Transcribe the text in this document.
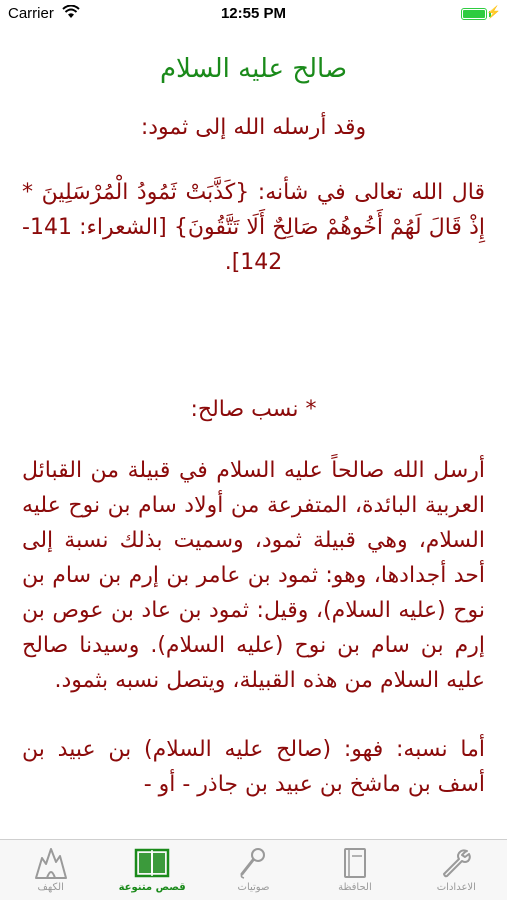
Carrier	12:55 PM	⚡
صالح عليه السلام
وقد أرسله الله إلى ثمود:
قال الله تعالى في شأنه: {كَذَّبَتْ ثَمُودُ الْمُرْسَلِينَ * إِذْ قَالَ لَهُمْ أَخُوهُمْ صَالِحٌ أَلَا تَتَّقُونَ} [الشعراء: 141-142].
* نسب صالح:
أرسل الله صالحاً عليه السلام في قبيلة من القبائل العربية البائدة، المتفرعة من أولاد سام بن نوح عليه السلام، وهي قبيلة ثمود، وسميت بذلك نسبة إلى أحد أجدادها، وهو: ثمود بن عامر بن إرم بن سام بن نوح (عليه السلام)، وقيل: ثمود بن عاد بن عوص بن إرم بن سام بن نوح (عليه السلام). وسيدنا صالح عليه السلام من هذه القبيلة، ويتصل نسبه بثمود.
أما نسبه: فهو: (صالح عليه السلام) بن عبيد بن أسف بن ماشخ بن عبيد بن جاذر - أو -
الكهف	قصص متنوعة	صوتيات	الحافظة	الاعدادات
